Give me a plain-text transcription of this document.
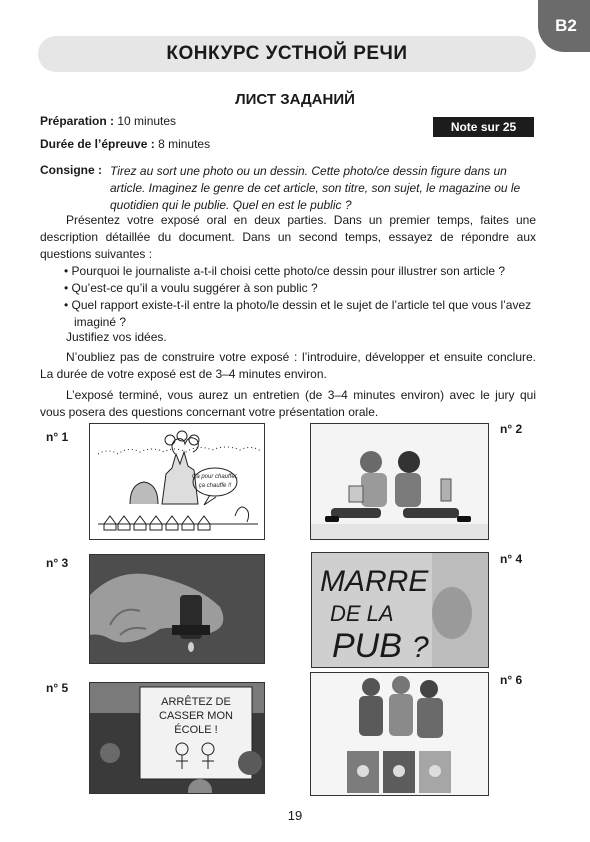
B2
КОНКУРС УСТНОЙ РЕЧИ
ЛИСТ ЗАДАНИЙ
Préparation : 10 minutes
Durée de l’épreuve : 8 minutes
Note sur 25
Consigne : Tirez au sort une photo ou un dessin. Cette photo/ce dessin figure dans un article. Imaginez le genre de cet article, son titre, son sujet, le magazine ou le quotidien qui le publie. Quel en est le public ?
Présentez votre exposé oral en deux parties. Dans un premier temps, faites une description détaillée du document. Dans un second temps, essayez de répondre aux questions suivantes :
• Pourquoi le journaliste a-t-il choisi cette photo/ce dessin pour illustrer son article ?
• Qu’est-ce qu’il a voulu suggérer à son public ?
• Quel rapport existe-t-il entre la photo/le dessin et le sujet de l’article tel que vous l’avez imaginé ?
Justifiez vos idées.
N’oubliez pas de construire votre exposé : l’introduire, développer et ensuite conclure. La durée de votre exposé est de 3–4 minutes environ.
L’exposé terminé, vous aurez un entretien (de 3–4 minutes environ) avec le jury qui vous posera des questions concernant votre présentation orale.
n° 1
n° 2
n° 3	n° 4
n° 5
n° 6
Ça pour chauffer,
ça chauffe !!
MARRE
DE LA
PUB ?
ARRÊTEZ DE
CASSER MON
ÉCOLE !
19
